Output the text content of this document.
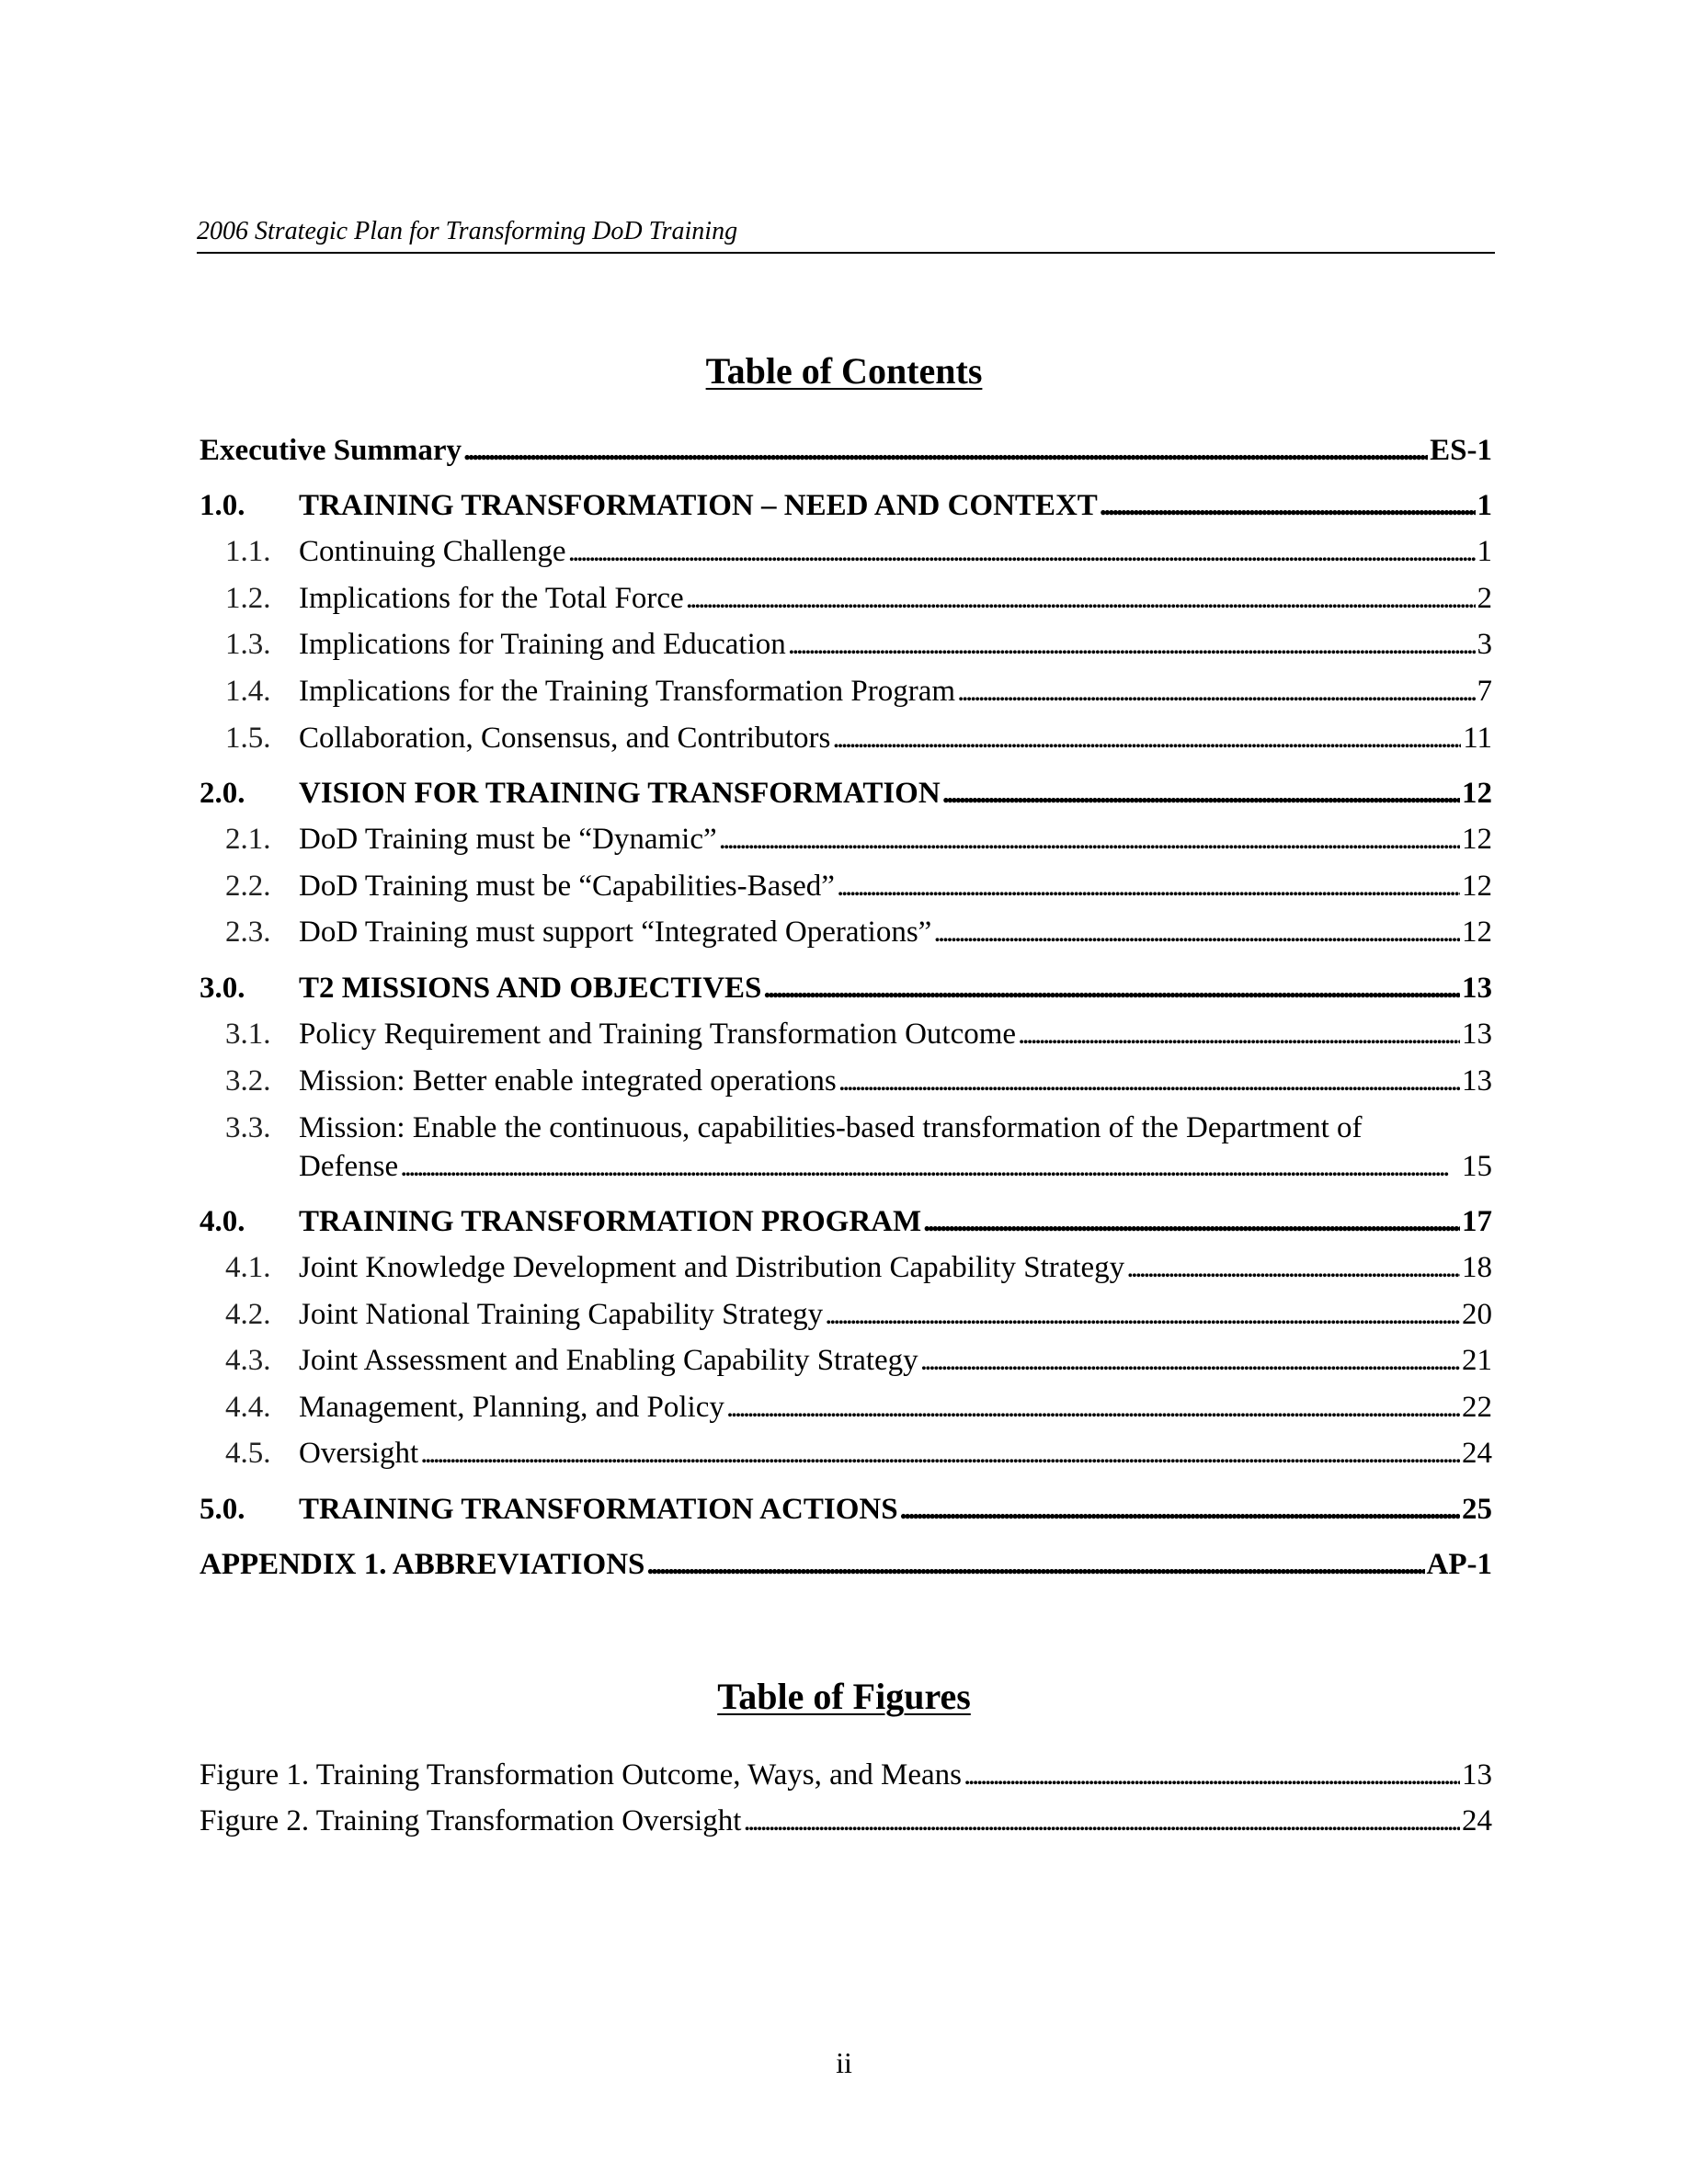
2006 Strategic Plan for Transforming DoD Training
Table of Contents
Executive Summary . . .	ES-1
1.0.	TRAINING TRANSFORMATION – NEED AND CONTEXT . . .	1
1.1. Continuing Challenge . . .	1
1.2. Implications for the Total Force . . .	2
1.3. Implications for Training and Education . . .	3
1.4. Implications for the Training Transformation Program . . .	7
1.5. Collaboration, Consensus, and Contributors . . .	11
2.0.	VISION FOR TRAINING TRANSFORMATION . . .	12
2.1. DoD Training must be “Dynamic” . . .	12
2.2. DoD Training must be “Capabilities-Based” . . .	12
2.3. DoD Training must support “Integrated Operations” . . .	12
3.0.	T2 MISSIONS AND OBJECTIVES . . .	13
3.1. Policy Requirement and Training Transformation Outcome . . .	13
3.2. Mission: Better enable integrated operations . . .	13
3.3. Mission: Enable the continuous, capabilities-based transformation of the Department of
Defense . . .	15
4.0.	TRAINING TRANSFORMATION PROGRAM . . .	17
4.1. Joint Knowledge Development and Distribution Capability Strategy . . .	18
4.2. Joint National Training Capability Strategy . . .	20
4.3. Joint Assessment and Enabling Capability Strategy . . .	21
4.4. Management, Planning, and Policy . . .	22
4.5. Oversight . . .	24
5.0.	TRAINING TRANSFORMATION ACTIONS . . .	25
APPENDIX 1. ABBREVIATIONS . . .	AP-1
Table of Figures
Figure 1. Training Transformation Outcome, Ways, and Means . . .	13
Figure 2. Training Transformation Oversight . . .	24
ii
